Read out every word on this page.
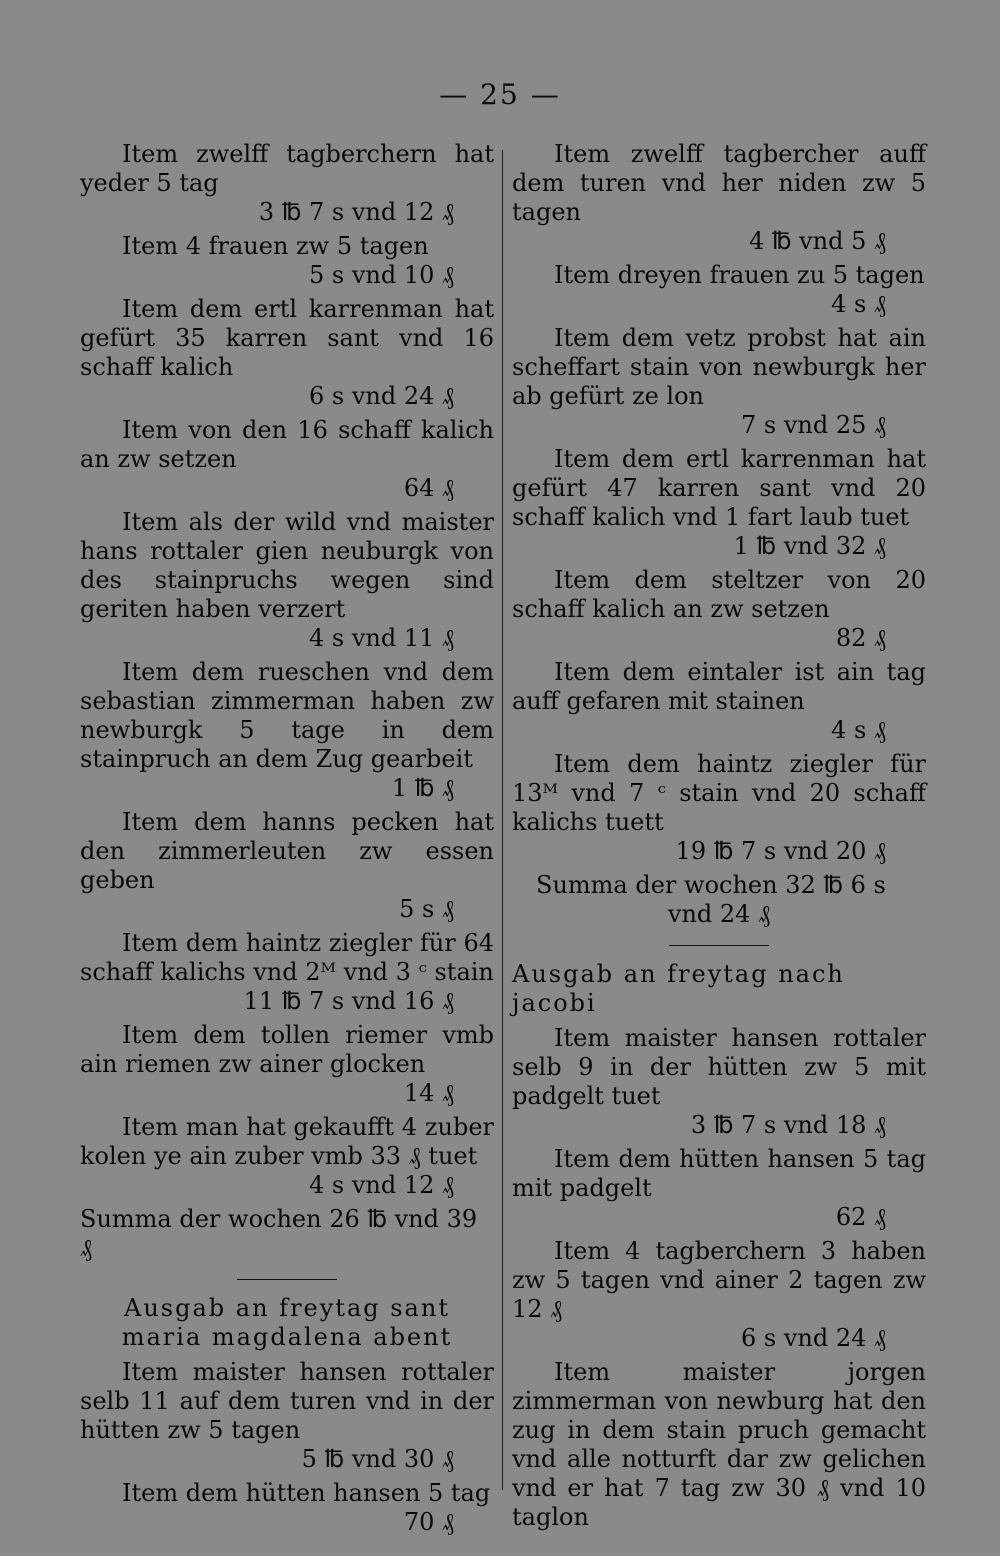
— 25 —
Item zwelff tagberchern hat yeder 5 tag
3 ℔ 7 s vnd 12 ₰
Item 4 frauen zw 5 tagen
5 s vnd 10 ₰
Item dem ertl karrenman hat gefürt 35 karren sant vnd 16 schaff kalich
6 s vnd 24 ₰
Item von den 16 schaff kalich an zw setzen
64 ₰
Item als der wild vnd maister hans rottaler gien neuburgk von des stainpruchs wegen sind geriten haben verzert
4 s vnd 11 ₰
Item dem rueschen vnd dem sebastian zimmerman haben zw newburgk 5 tage in dem stainpruch an dem Zug gearbeit
1 ℔ ₰
Item dem hanns pecken hat den zimmerleuten zw essen geben
5 s ₰
Item dem haintz ziegler für 64 schaff kalichs vnd 2ᴹ vnd 3 ᶜ stain
11 ℔ 7 s vnd 16 ₰
Item dem tollen riemer vmb ain riemen zw ainer glocken
14 ₰
Item man hat gekaufft 4 zuber kolen ye ain zuber vmb 33 ₰ tuet
4 s vnd 12 ₰
Summa der wochen 26 ℔ vnd 39 ₰
Ausgab an freytag sant maria magdalena abent
Item maister hansen rottaler selb 11 auf dem turen vnd in der hütten zw 5 tagen
5 ℔ vnd 30 ₰
Item dem hütten hansen 5 tag
70 ₰
Item zwelff tagbercher auff dem turen vnd her niden zw 5 tagen
4 ℔ vnd 5 ₰
Item dreyen frauen zu 5 tagen
4 s ₰
Item dem vetz probst hat ain scheffart stain von newburgk her ab gefürt ze lon
7 s vnd 25 ₰
Item dem ertl karrenman hat gefürt 47 karren sant vnd 20 schaff kalich vnd 1 fart laub tuet
1 ℔ vnd 32 ₰
Item dem steltzer von 20 schaff kalich an zw setzen
82 ₰
Item dem eintaler ist ain tag auff gefaren mit stainen
4 s ₰
Item dem haintz ziegler für 13ᴹ vnd 7 ᶜ stain vnd 20 schaff kalichs tuett
19 ℔ 7 s vnd 20 ₰
Summa der wochen 32 ℔ 6 s
vnd 24 ₰
Ausgab an freytag nach jacobi
Item maister hansen rottaler selb 9 in der hütten zw 5 mit padgelt tuet
3 ℔ 7 s vnd 18 ₰
Item dem hütten hansen 5 tag mit padgelt
62 ₰
Item 4 tagberchern 3 haben zw 5 tagen vnd ainer 2 tagen zw 12 ₰
6 s vnd 24 ₰
Item maister jorgen zimmerman von newburg hat den zug in dem stain pruch gemacht vnd alle notturft dar zw gelichen vnd er hat 7 tag zw 30 ₰ vnd 10 taglon
